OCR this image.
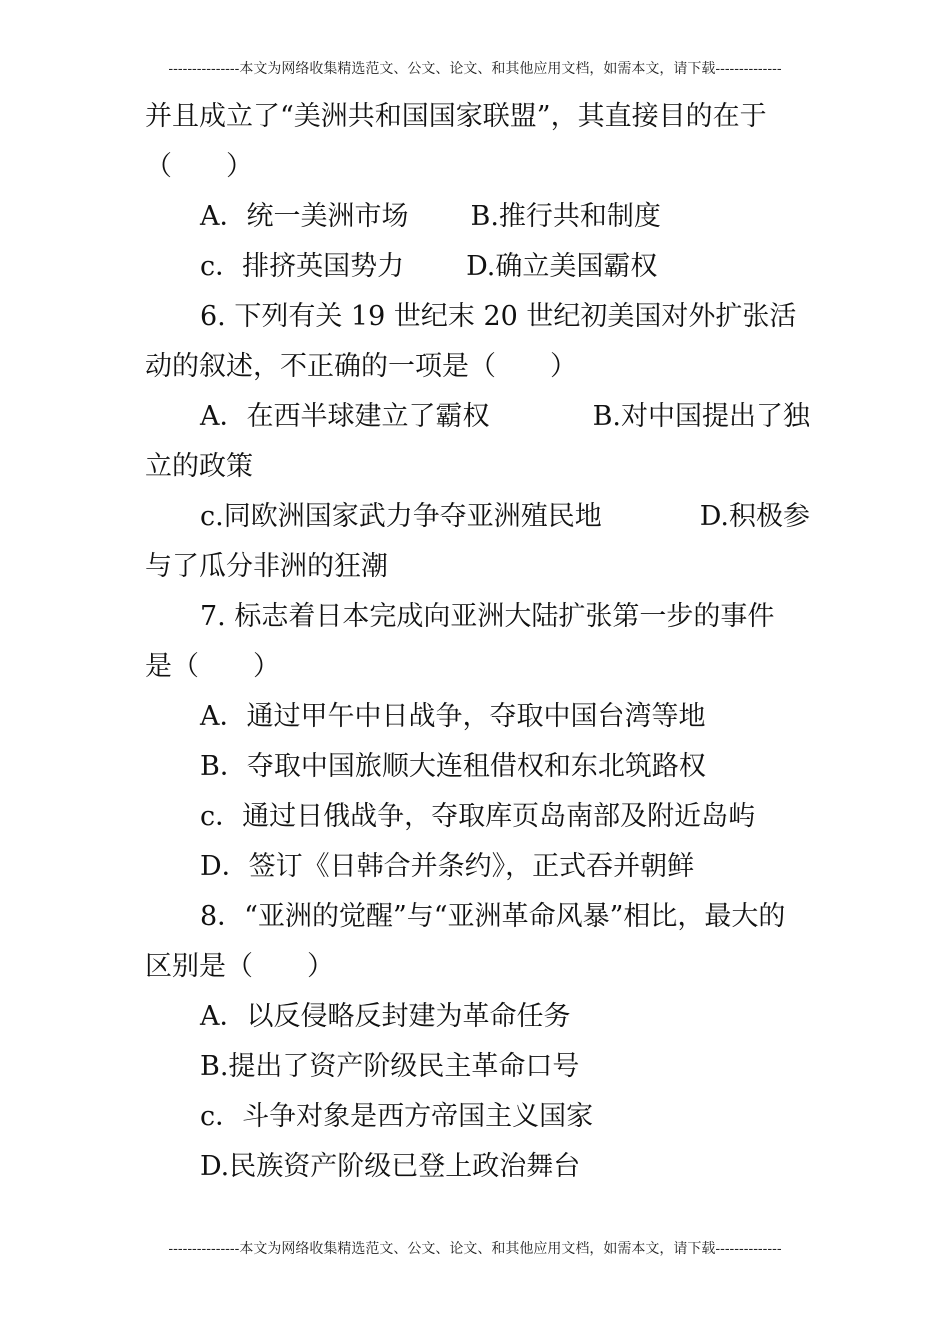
---------------本文为网络收集精选范文、公文、论文、和其他应用文档，如需本文，请下载--------------
并且成立了“美洲共和国国家联盟”，其直接目的在于
（　　）
A．统一美洲市场 B.推行共和制度
c．排挤英国势力 D.确立美国霸权
6. 下列有关 19 世纪末 20 世纪初美国对外扩张活
动的叙述，不正确的一项是（　　）
A．在西半球建立了霸权	B.对中国提出了独
立的政策
c.同欧洲国家武力争夺亚洲殖民地	D.积极参
与了瓜分非洲的狂潮
7. 标志着日本完成向亚洲大陆扩张第一步的事件
是（　　）
A．通过甲午中日战争，夺取中国台湾等地
B．夺取中国旅顺大连租借权和东北筑路权
c．通过日俄战争，夺取库页岛南部及附近岛屿
D．签订《日韩合并条约》，正式吞并朝鲜
8．“亚洲的觉醒”与“亚洲革命风暴”相比，最大的
区别是（　　）
A．以反侵略反封建为革命任务
B.提出了资产阶级民主革命口号
c．斗争对象是西方帝国主义国家
D.民族资产阶级已登上政治舞台
---------------本文为网络收集精选范文、公文、论文、和其他应用文档，如需本文，请下载--------------
